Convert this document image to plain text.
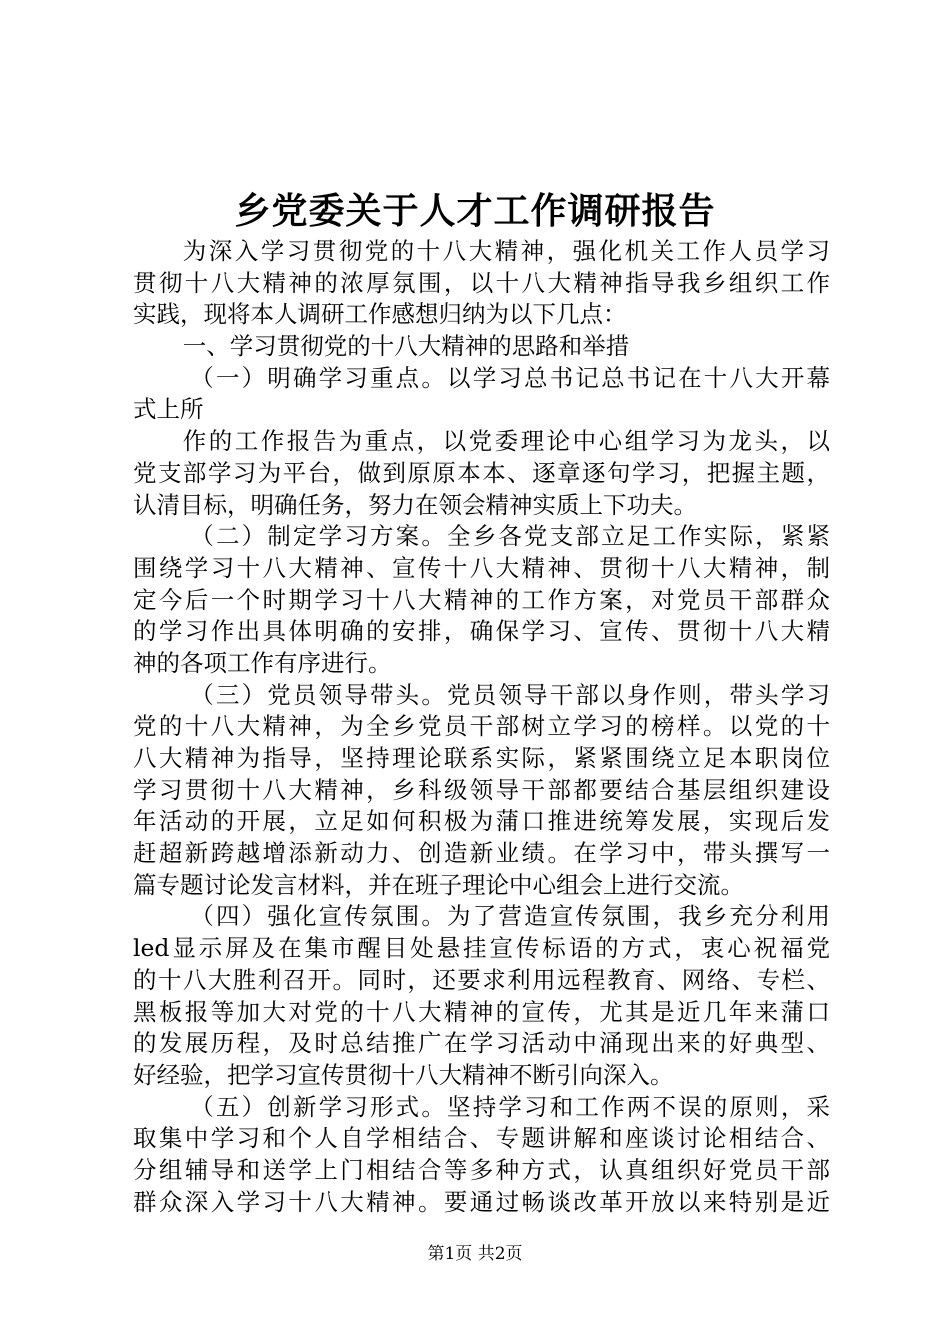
乡党委关于人才工作调研报告
为深入学习贯彻党的十八大精神，强化机关工作人员学习
贯彻十八大精神的浓厚氛围，以十八大精神指导我乡组织工作
实践，现将本人调研工作感想归纳为以下几点：
一、学习贯彻党的十八大精神的思路和举措
（一）明确学习重点。以学习总书记总书记在十八大开幕
式上所
作的工作报告为重点，以党委理论中心组学习为龙头，以
党支部学习为平台，做到原原本本、逐章逐句学习，把握主题，
认清目标，明确任务，努力在领会精神实质上下功夫。
（二）制定学习方案。全乡各党支部立足工作实际，紧紧
围绕学习十八大精神、宣传十八大精神、贯彻十八大精神，制
定今后一个时期学习十八大精神的工作方案，对党员干部群众
的学习作出具体明确的安排，确保学习、宣传、贯彻十八大精
神的各项工作有序进行。
（三）党员领导带头。党员领导干部以身作则，带头学习
党的十八大精神，为全乡党员干部树立学习的榜样。以党的十
八大精神为指导，坚持理论联系实际，紧紧围绕立足本职岗位
学习贯彻十八大精神，乡科级领导干部都要结合基层组织建设
年活动的开展，立足如何积极为蒲口推进统筹发展，实现后发
赶超新跨越增添新动力、创造新业绩。在学习中，带头撰写一
篇专题讨论发言材料，并在班子理论中心组会上进行交流。
（四）强化宣传氛围。为了营造宣传氛围，我乡充分利用
led显示屏及在集市醒目处悬挂宣传标语的方式，衷心祝福党
的十八大胜利召开。同时，还要求利用远程教育、网络、专栏、
黑板报等加大对党的十八大精神的宣传，尤其是近几年来蒲口
的发展历程，及时总结推广在学习活动中涌现出来的好典型、
好经验，把学习宣传贯彻十八大精神不断引向深入。
（五）创新学习形式。坚持学习和工作两不误的原则，采
取集中学习和个人自学相结合、专题讲解和座谈讨论相结合、
分组辅导和送学上门相结合等多种方式，认真组织好党员干部
群众深入学习十八大精神。要通过畅谈改革开放以来特别是近
第1页 共2页
